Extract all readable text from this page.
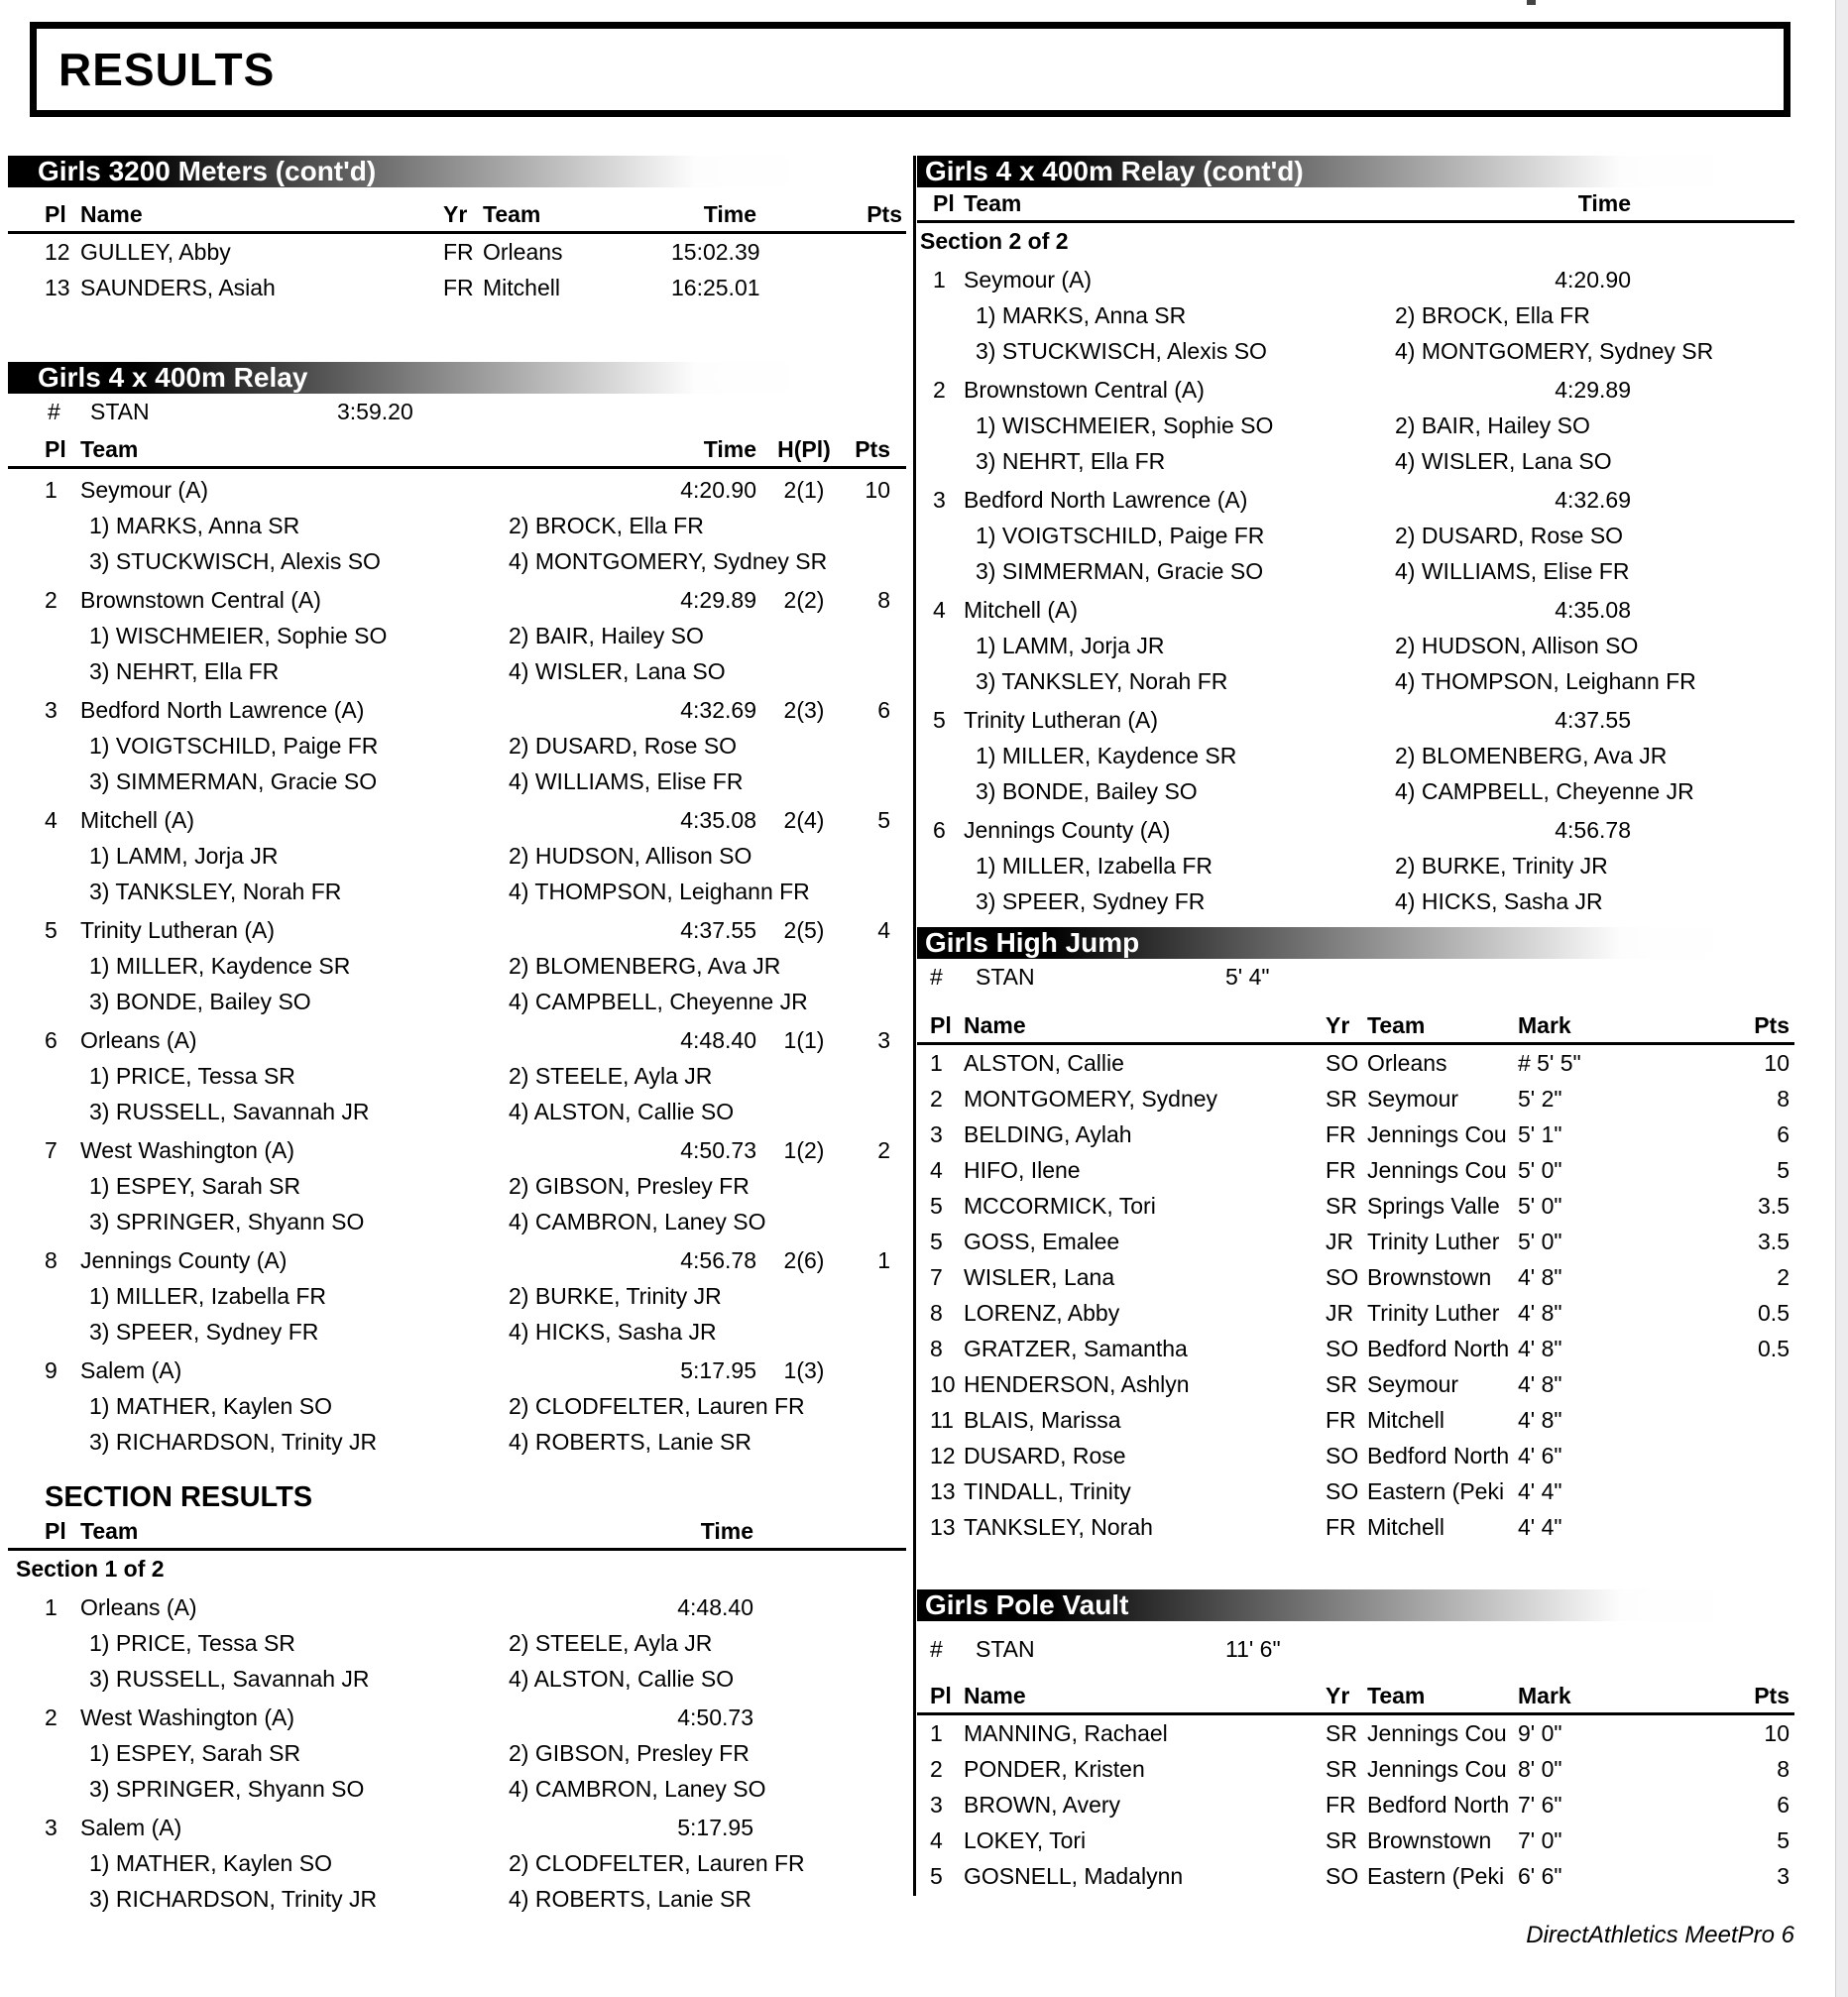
RESULTS
Girls 3200 Meters (cont'd)
Pl Name	Yr Team	Time	Pts
12 GULLEY, Abby	FR Orleans	15:02.39
13 SAUNDERS, Asiah	FR Mitchell	16:25.01
Girls 4 x 400m Relay
#	STAN	3:59.20
Pl Team	Time H(Pl)	Pts
1	Seymour (A)	4:20.90	2(1)	10
1) MARKS, Anna SR	2) BROCK, Ella FR
3) STUCKWISCH, Alexis SO	4) MONTGOMERY, Sydney SR
2	Brownstown Central (A)	4:29.89	2(2)	8
1) WISCHMEIER, Sophie SO	2) BAIR, Hailey SO
3) NEHRT, Ella FR	4) WISLER, Lana SO
3	Bedford North Lawrence (A)	4:32.69	2(3)	6
1) VOIGTSCHILD, Paige FR	2) DUSARD, Rose SO
3) SIMMERMAN, Gracie SO	4) WILLIAMS, Elise FR
4	Mitchell (A)	4:35.08	2(4)	5
1) LAMM, Jorja JR	2) HUDSON, Allison SO
3) TANKSLEY, Norah FR	4) THOMPSON, Leighann FR
5	Trinity Lutheran (A)	4:37.55	2(5)	4
1) MILLER, Kaydence SR	2) BLOMENBERG, Ava JR
3) BONDE, Bailey SO	4) CAMPBELL, Cheyenne JR
6	Orleans (A)	4:48.40	1(1)	3
1) PRICE, Tessa SR	2) STEELE, Ayla JR
3) RUSSELL, Savannah JR	4) ALSTON, Callie SO
7	West Washington (A)	4:50.73	1(2)	2
1) ESPEY, Sarah SR	2) GIBSON, Presley FR
3) SPRINGER, Shyann SO	4) CAMBRON, Laney SO
8	Jennings County (A)	4:56.78	2(6)	1
1) MILLER, Izabella FR	2) BURKE, Trinity JR
3) SPEER, Sydney FR	4) HICKS, Sasha JR
9	Salem (A)	5:17.95	1(3)
1) MATHER, Kaylen SO	2) CLODFELTER, Lauren FR
3) RICHARDSON, Trinity JR	4) ROBERTS, Lanie SR
SECTION RESULTS
Pl Team	Time
Section 1 of 2
1	Orleans (A)	4:48.40
1) PRICE, Tessa SR	2) STEELE, Ayla JR
3) RUSSELL, Savannah JR	4) ALSTON, Callie SO
2	West Washington (A)	4:50.73
1) ESPEY, Sarah SR	2) GIBSON, Presley FR
3) SPRINGER, Shyann SO	4) CAMBRON, Laney SO
3	Salem (A)	5:17.95
1) MATHER, Kaylen SO	2) CLODFELTER, Lauren FR
3) RICHARDSON, Trinity JR	4) ROBERTS, Lanie SR
Girls 4 x 400m Relay (cont'd)
Pl Team	Time
Section 2 of 2
1 Seymour (A)	4:20.90
1) MARKS, Anna SR	2) BROCK, Ella FR
3) STUCKWISCH, Alexis SO	4) MONTGOMERY, Sydney SR
2 Brownstown Central (A)	4:29.89
1) WISCHMEIER, Sophie SO	2) BAIR, Hailey SO
3) NEHRT, Ella FR	4) WISLER, Lana SO
3 Bedford North Lawrence (A)	4:32.69
1) VOIGTSCHILD, Paige FR	2) DUSARD, Rose SO
3) SIMMERMAN, Gracie SO	4) WILLIAMS, Elise FR
4 Mitchell (A)	4:35.08
1) LAMM, Jorja JR	2) HUDSON, Allison SO
3) TANKSLEY, Norah FR	4) THOMPSON, Leighann FR
5 Trinity Lutheran (A)	4:37.55
1) MILLER, Kaydence SR	2) BLOMENBERG, Ava JR
3) BONDE, Bailey SO	4) CAMPBELL, Cheyenne JR
6 Jennings County (A)	4:56.78
1) MILLER, Izabella FR	2) BURKE, Trinity JR
3) SPEER, Sydney FR	4) HICKS, Sasha JR
Girls High Jump
#	STAN	5' 4"
Pl Name	Yr Team	Mark	Pts
1 ALSTON, Callie	SO Orleans	# 5' 5"	10
2 MONTGOMERY, Sydney	SR Seymour	5' 2"	8
3 BELDING, Aylah	FR Jennings Cou 5' 1"	6
4 HIFO, Ilene	FR Jennings Cou 5' 0"	5
5 MCCORMICK, Tori	SR Springs Valle 5' 0"	3.5
5 GOSS, Emalee	JR Trinity Luther 5' 0"	3.5
7 WISLER, Lana	SO Brownstown	4' 8"	2
8 LORENZ, Abby	JR Trinity Luther 4' 8"	0.5
8 GRATZER, Samantha	SO Bedford North 4' 8"	0.5
10 HENDERSON, Ashlyn	SR Seymour	4' 8"
11 BLAIS, Marissa	FR Mitchell	4' 8"
12 DUSARD, Rose	SO Bedford North 4' 6"
13 TINDALL, Trinity	SO Eastern (Peki 4' 4"
13 TANKSLEY, Norah	FR Mitchell	4' 4"
Girls Pole Vault
#	STAN	11' 6"
Pl Name	Yr Team	Mark	Pts
1 MANNING, Rachael	SR Jennings Cou 9' 0"	10
2 PONDER, Kristen	SR Jennings Cou 8' 0"	8
3 BROWN, Avery	FR Bedford North 7' 6"	6
4 LOKEY, Tori	SR Brownstown	7' 0"	5
5 GOSNELL, Madalynn	SO Eastern (Peki 6' 6"	3
DirectAthletics MeetPro 6
